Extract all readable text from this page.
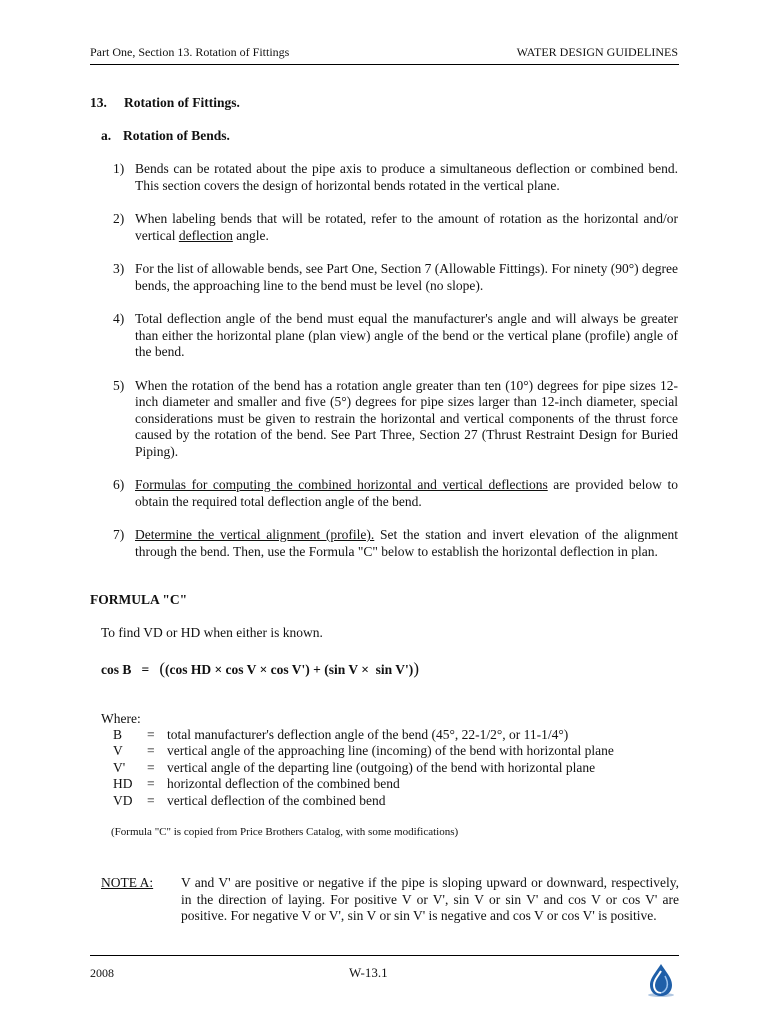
Part One, Section 13. Rotation of Fittings	WATER DESIGN GUIDELINES
13. Rotation of Fittings.
a. Rotation of Bends.
1) Bends can be rotated about the pipe axis to produce a simultaneous deflection or combined bend. This section covers the design of horizontal bends rotated in the vertical plane.
2) When labeling bends that will be rotated, refer to the amount of rotation as the horizontal and/or vertical deflection angle.
3) For the list of allowable bends, see Part One, Section 7 (Allowable Fittings). For ninety (90°) degree bends, the approaching line to the bend must be level (no slope).
4) Total deflection angle of the bend must equal the manufacturer's angle and will always be greater than either the horizontal plane (plan view) angle of the bend or the vertical plane (profile) angle of the bend.
5) When the rotation of the bend has a rotation angle greater than ten (10°) degrees for pipe sizes 12-inch diameter and smaller and five (5°) degrees for pipe sizes larger than 12-inch diameter, special considerations must be given to restrain the horizontal and vertical components of the thrust force caused by the rotation of the bend. See Part Three, Section 27 (Thrust Restraint Design for Buried Piping).
6) Formulas for computing the combined horizontal and vertical deflections are provided below to obtain the required total deflection angle of the bend.
7) Determine the vertical alignment (profile). Set the station and invert elevation of the alignment through the bend. Then, use the Formula "C" below to establish the horizontal deflection in plan.
FORMULA "C"
To find VD or HD when either is known.
cos B = ((cos HD × cos V × cos V') + (sin V ×  sin V'))
Where:
B = total manufacturer's deflection angle of the bend (45°, 22-1/2°, or 11-1/4°)
V = vertical angle of the approaching line (incoming) of the bend with horizontal plane
V' = vertical angle of the departing line (outgoing) of the bend with horizontal plane
HD = horizontal deflection of the combined bend
VD = vertical deflection of the combined bend
(Formula "C" is copied from Price Brothers Catalog, with some modifications)
NOTE A: V and V' are positive or negative if the pipe is sloping upward or downward, respectively, in the direction of laying. For positive V or V', sin V or sin V' and cos V or cos V' are positive. For negative V or V', sin V or sin V' is negative and cos V or cos V' is positive.
2008	W-13.1
